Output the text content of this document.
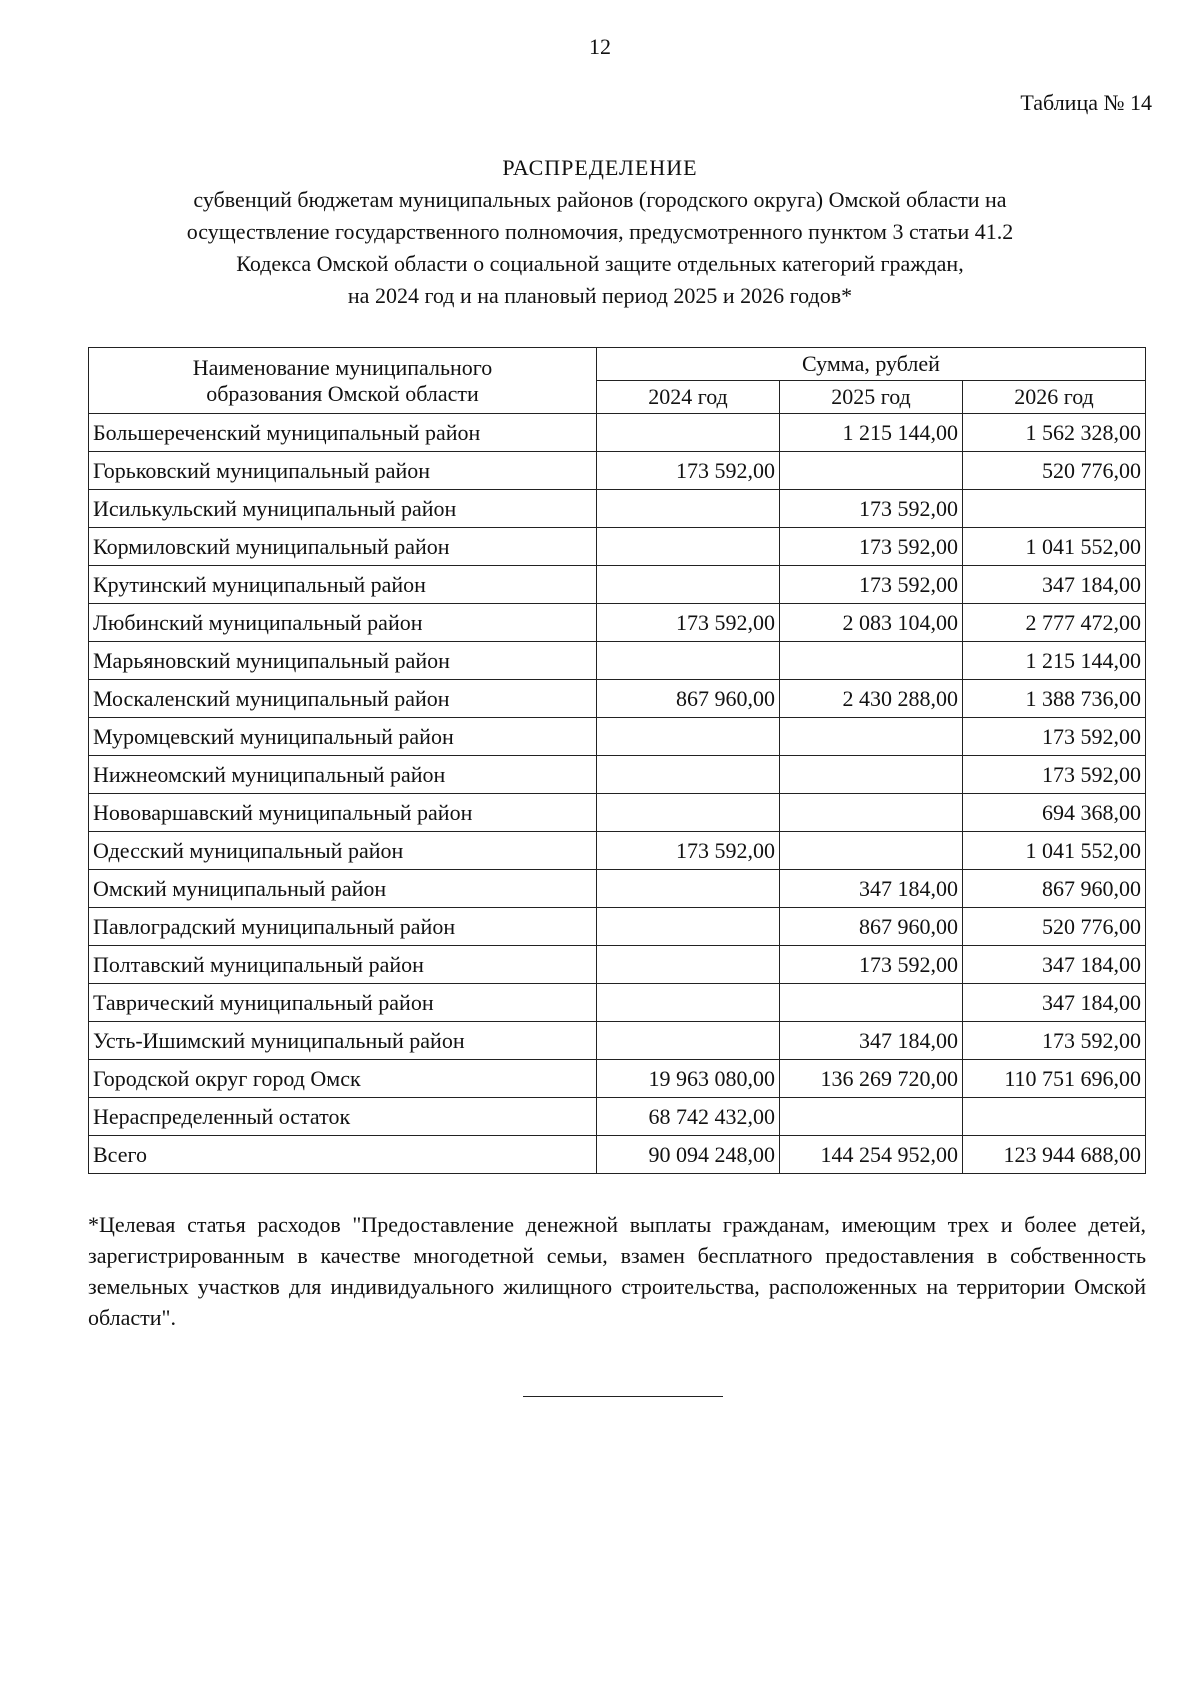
12
Таблица № 14
РАСПРЕДЕЛЕНИЕ
субвенций бюджетам муниципальных районов (городского округа) Омской области на
осуществление государственного полномочия, предусмотренного пунктом 3 статьи 41.2
Кодекса Омской области о социальной защите отдельных категорий граждан,
на 2024 год и на плановый период 2025 и 2026 годов*
Наименование муниципального
образования Омской области	Сумма, рублей		
	2024 год	2025 год	2026 год
Большереченский муниципальный район		1 215 144,00	1 562 328,00
Горьковский муниципальный район	173 592,00		520 776,00
Исилькульский муниципальный район		173 592,00	
Кормиловский муниципальный район		173 592,00	1 041 552,00
Крутинский муниципальный район		173 592,00	347 184,00
Любинский муниципальный район	173 592,00	2 083 104,00	2 777 472,00
Марьяновский муниципальный район			1 215 144,00
Москаленский муниципальный район	867 960,00	2 430 288,00	1 388 736,00
Муромцевский муниципальный район			173 592,00
Нижнеомский муниципальный район			173 592,00
Нововаршавский муниципальный район			694 368,00
Одесский муниципальный район	173 592,00		1 041 552,00
Омский муниципальный район		347 184,00	867 960,00
Павлоградский муниципальный район		867 960,00	520 776,00
Полтавский муниципальный район		173 592,00	347 184,00
Таврический муниципальный район			347 184,00
Усть-Ишимский муниципальный район		347 184,00	173 592,00
Городской округ город Омск	19 963 080,00	136 269 720,00	110 751 696,00
Нераспределенный остаток	68 742 432,00		
Всего	90 094 248,00	144 254 952,00	123 944 688,00
*Целевая статья расходов "Предоставление денежной выплаты гражданам, имеющим трех и более детей, зарегистрированным в качестве многодетной семьи, взамен бесплатного предоставления в собственность земельных участков для индивидуального жилищного строительства, расположенных на территории Омской области".
